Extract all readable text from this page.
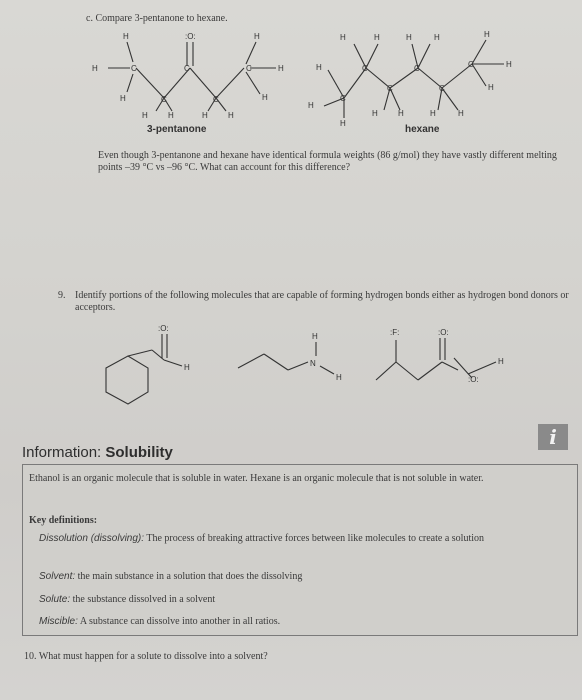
c. Compare 3-pentanone to hexane.
H	C
H
H
C
:O:
C	H
H
H
H	H	H	H
C	C
3-pentanone
H	H	H	H	H
H
H
H
H	H	H	H
H
H
C
C	C
C	C
C
hexane
Even though 3-pentanone and hexane have identical formula weights (86 g/mol) they have vastly different melting points –39 °C vs –96 °C. What can account for this difference?
9. Identify portions of the following molecules that are capable of forming hydrogen bonds either as hydrogen bond donors or acceptors.
:O:
H
H
N
H
:F:	:O:
H
:O:
Information: Solubility
i
Ethanol is an organic molecule that is soluble in water. Hexane is an organic molecule that is not soluble in water.
Key definitions:
Dissolution (dissolving): The process of breaking attractive forces between like molecules to create a solution
Solvent: the main substance in a solution that does the dissolving
Solute: the substance dissolved in a solvent
Miscible: A substance can dissolve into another in all ratios.
10. What must happen for a solute to dissolve into a solvent?
